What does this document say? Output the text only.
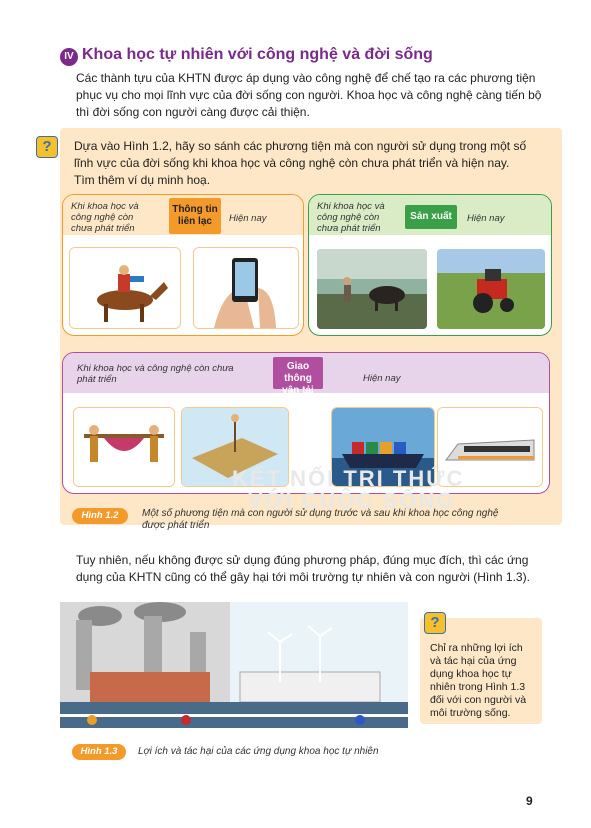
IV Khoa học tự nhiên với công nghệ và đời sống
Các thành tựu của KHTN được áp dụng vào công nghệ để chế tạo ra các phương tiện
phục vụ cho mọi lĩnh vực của đời sống con người. Khoa học và công nghệ càng tiến bộ
thì đời sống con người càng được cải thiện.
?	Dựa vào Hình 1.2, hãy so sánh các phương tiện mà con người sử dụng trong một số
lĩnh vực của đời sống khi khoa học và công nghệ còn chưa phát triển và hiện nay.
Tìm thêm ví dụ minh hoạ.
Khi khoa học và
công nghệ còn
chưa phát triển
Thông tin
liên lạc	Hiện nay
Khi khoa học và
công nghệ còn
chưa phát triển
Sản xuất	Hiện nay
Khi khoa học và công nghệ còn chưa
phát triển
Giao thông
vận tải
Hiện nay
KẾT NỐI TRI THỨC
VỚI CUỘC SỐNG
Hình 1.2	Một số phương tiện mà con người sử dụng trước và sau khi khoa học công nghệ
được phát triển
Tuy nhiên, nếu không được sử dụng đúng phương pháp, đúng mục đích, thì các ứng
dụng của KHTN cũng có thể gây hại tới môi trường tự nhiên và con người (Hình 1.3).
?
Chỉ ra những lợi ích
và tác hại của ứng
dụng khoa học tự
nhiên trong Hình 1.3
đối với con người và
môi trường sống.
Hình 1.3	Lợi ích và tác hại của các ứng dụng khoa học tự nhiên
9
